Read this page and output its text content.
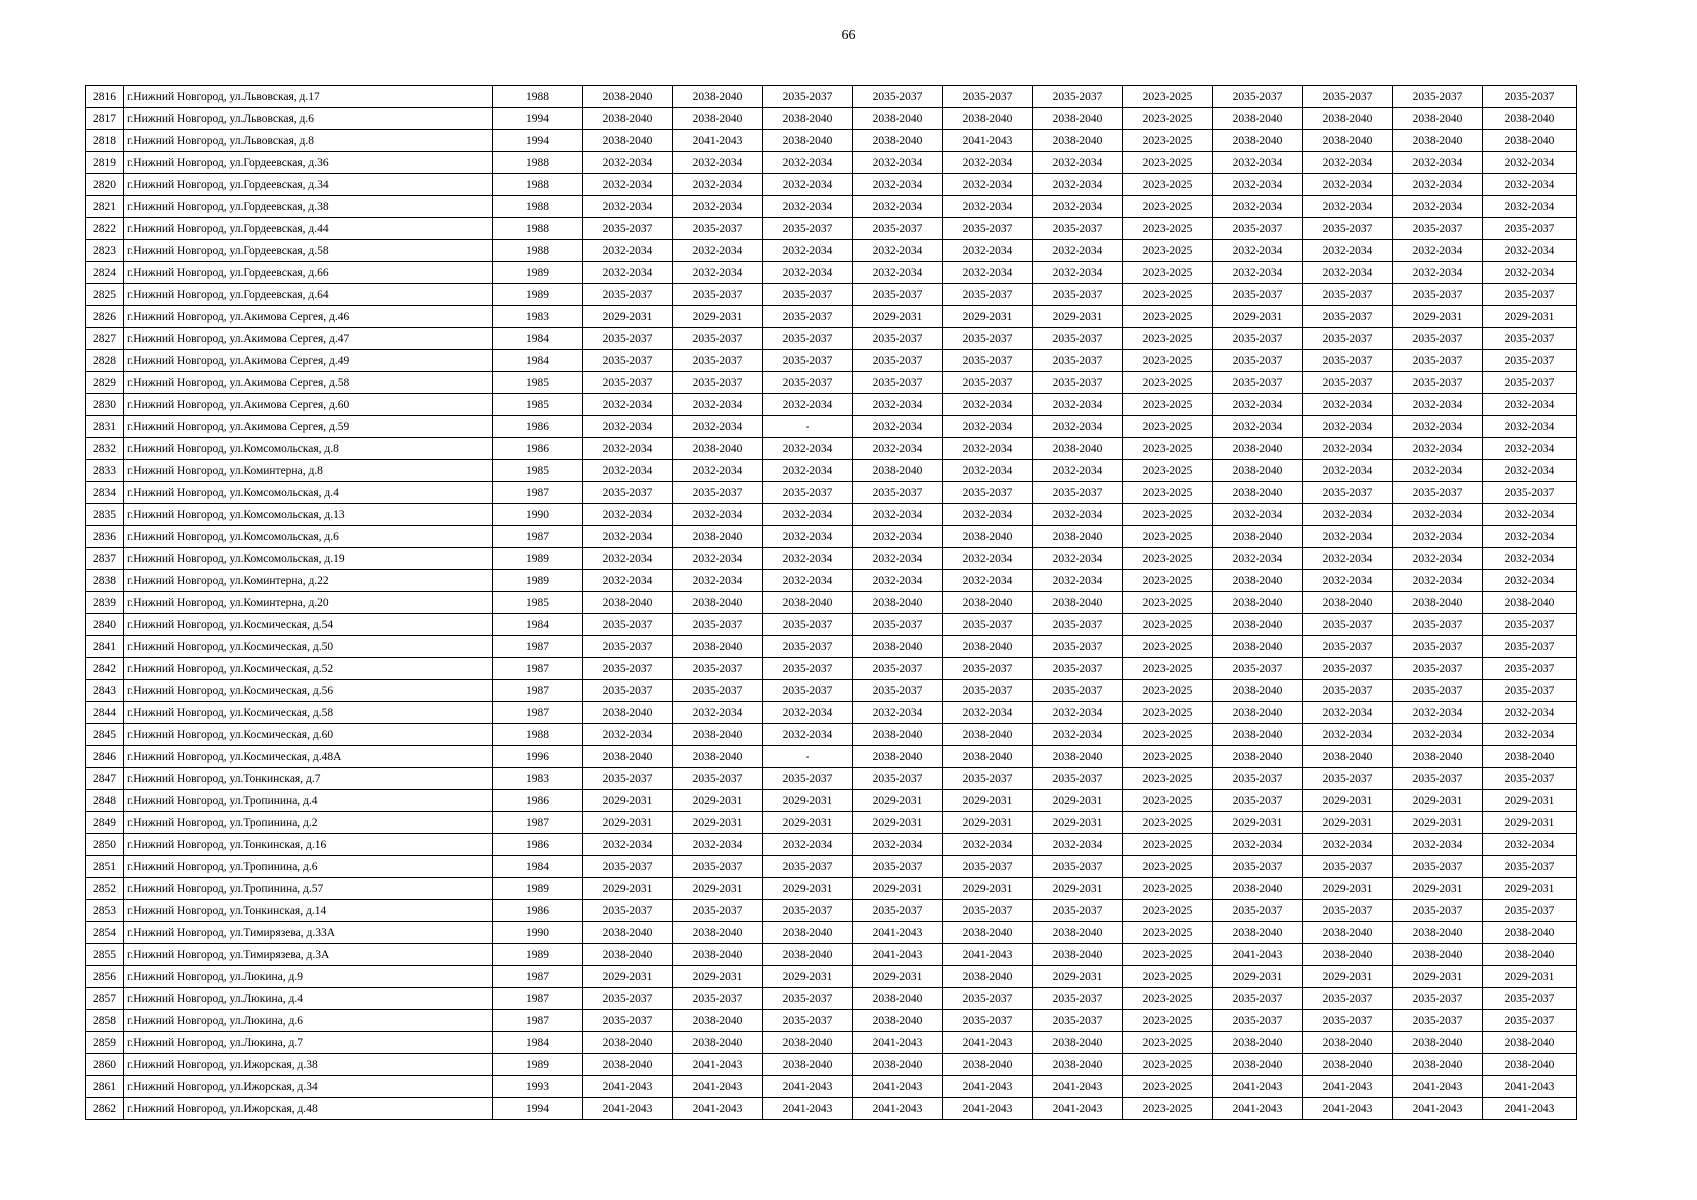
66
2816	г.Нижний Новгород, ул.Львовская, д.17	1988	2038-2040	2038-2040	2035-2037	2035-2037	2035-2037	2035-2037	2023-2025	2035-2037	2035-2037	2035-2037	2035-2037
2817	г.Нижний Новгород, ул.Львовская, д.6	1994	2038-2040	2038-2040	2038-2040	2038-2040	2038-2040	2038-2040	2023-2025	2038-2040	2038-2040	2038-2040	2038-2040
2818	г.Нижний Новгород, ул.Львовская, д.8	1994	2038-2040	2041-2043	2038-2040	2038-2040	2041-2043	2038-2040	2023-2025	2038-2040	2038-2040	2038-2040	2038-2040
2819	г.Нижний Новгород, ул.Гордеевская, д.36	1988	2032-2034	2032-2034	2032-2034	2032-2034	2032-2034	2032-2034	2023-2025	2032-2034	2032-2034	2032-2034	2032-2034
2820	г.Нижний Новгород, ул.Гордеевская, д.34	1988	2032-2034	2032-2034	2032-2034	2032-2034	2032-2034	2032-2034	2023-2025	2032-2034	2032-2034	2032-2034	2032-2034
2821	г.Нижний Новгород, ул.Гордеевская, д.38	1988	2032-2034	2032-2034	2032-2034	2032-2034	2032-2034	2032-2034	2023-2025	2032-2034	2032-2034	2032-2034	2032-2034
2822	г.Нижний Новгород, ул.Гордеевская, д.44	1988	2035-2037	2035-2037	2035-2037	2035-2037	2035-2037	2035-2037	2023-2025	2035-2037	2035-2037	2035-2037	2035-2037
2823	г.Нижний Новгород, ул.Гордеевская, д.58	1988	2032-2034	2032-2034	2032-2034	2032-2034	2032-2034	2032-2034	2023-2025	2032-2034	2032-2034	2032-2034	2032-2034
2824	г.Нижний Новгород, ул.Гордеевская, д.66	1989	2032-2034	2032-2034	2032-2034	2032-2034	2032-2034	2032-2034	2023-2025	2032-2034	2032-2034	2032-2034	2032-2034
2825	г.Нижний Новгород, ул.Гордеевская, д.64	1989	2035-2037	2035-2037	2035-2037	2035-2037	2035-2037	2035-2037	2023-2025	2035-2037	2035-2037	2035-2037	2035-2037
2826	г.Нижний Новгород, ул.Акимова Сергея, д.46	1983	2029-2031	2029-2031	2035-2037	2029-2031	2029-2031	2029-2031	2023-2025	2029-2031	2035-2037	2029-2031	2029-2031
2827	г.Нижний Новгород, ул.Акимова Сергея, д.47	1984	2035-2037	2035-2037	2035-2037	2035-2037	2035-2037	2035-2037	2023-2025	2035-2037	2035-2037	2035-2037	2035-2037
2828	г.Нижний Новгород, ул.Акимова Сергея, д.49	1984	2035-2037	2035-2037	2035-2037	2035-2037	2035-2037	2035-2037	2023-2025	2035-2037	2035-2037	2035-2037	2035-2037
2829	г.Нижний Новгород, ул.Акимова Сергея, д.58	1985	2035-2037	2035-2037	2035-2037	2035-2037	2035-2037	2035-2037	2023-2025	2035-2037	2035-2037	2035-2037	2035-2037
2830	г.Нижний Новгород, ул.Акимова Сергея, д.60	1985	2032-2034	2032-2034	2032-2034	2032-2034	2032-2034	2032-2034	2023-2025	2032-2034	2032-2034	2032-2034	2032-2034
2831	г.Нижний Новгород, ул.Акимова Сергея, д.59	1986	2032-2034	2032-2034	-	2032-2034	2032-2034	2032-2034	2023-2025	2032-2034	2032-2034	2032-2034	2032-2034
2832	г.Нижний Новгород, ул.Комсомольская, д.8	1986	2032-2034	2038-2040	2032-2034	2032-2034	2032-2034	2038-2040	2023-2025	2038-2040	2032-2034	2032-2034	2032-2034
2833	г.Нижний Новгород, ул.Коминтерна, д.8	1985	2032-2034	2032-2034	2032-2034	2038-2040	2032-2034	2032-2034	2023-2025	2038-2040	2032-2034	2032-2034	2032-2034
2834	г.Нижний Новгород, ул.Комсомольская, д.4	1987	2035-2037	2035-2037	2035-2037	2035-2037	2035-2037	2035-2037	2023-2025	2038-2040	2035-2037	2035-2037	2035-2037
2835	г.Нижний Новгород, ул.Комсомольская, д.13	1990	2032-2034	2032-2034	2032-2034	2032-2034	2032-2034	2032-2034	2023-2025	2032-2034	2032-2034	2032-2034	2032-2034
2836	г.Нижний Новгород, ул.Комсомольская, д.6	1987	2032-2034	2038-2040	2032-2034	2032-2034	2038-2040	2038-2040	2023-2025	2038-2040	2032-2034	2032-2034	2032-2034
2837	г.Нижний Новгород, ул.Комсомольская, д.19	1989	2032-2034	2032-2034	2032-2034	2032-2034	2032-2034	2032-2034	2023-2025	2032-2034	2032-2034	2032-2034	2032-2034
2838	г.Нижний Новгород, ул.Коминтерна, д.22	1989	2032-2034	2032-2034	2032-2034	2032-2034	2032-2034	2032-2034	2023-2025	2038-2040	2032-2034	2032-2034	2032-2034
2839	г.Нижний Новгород, ул.Коминтерна, д.20	1985	2038-2040	2038-2040	2038-2040	2038-2040	2038-2040	2038-2040	2023-2025	2038-2040	2038-2040	2038-2040	2038-2040
2840	г.Нижний Новгород, ул.Космическая, д.54	1984	2035-2037	2035-2037	2035-2037	2035-2037	2035-2037	2035-2037	2023-2025	2038-2040	2035-2037	2035-2037	2035-2037
2841	г.Нижний Новгород, ул.Космическая, д.50	1987	2035-2037	2038-2040	2035-2037	2038-2040	2038-2040	2035-2037	2023-2025	2038-2040	2035-2037	2035-2037	2035-2037
2842	г.Нижний Новгород, ул.Космическая, д.52	1987	2035-2037	2035-2037	2035-2037	2035-2037	2035-2037	2035-2037	2023-2025	2035-2037	2035-2037	2035-2037	2035-2037
2843	г.Нижний Новгород, ул.Космическая, д.56	1987	2035-2037	2035-2037	2035-2037	2035-2037	2035-2037	2035-2037	2023-2025	2038-2040	2035-2037	2035-2037	2035-2037
2844	г.Нижний Новгород, ул.Космическая, д.58	1987	2038-2040	2032-2034	2032-2034	2032-2034	2032-2034	2032-2034	2023-2025	2038-2040	2032-2034	2032-2034	2032-2034
2845	г.Нижний Новгород, ул.Космическая, д.60	1988	2032-2034	2038-2040	2032-2034	2038-2040	2038-2040	2032-2034	2023-2025	2038-2040	2032-2034	2032-2034	2032-2034
2846	г.Нижний Новгород, ул.Космическая, д.48А	1996	2038-2040	2038-2040	-	2038-2040	2038-2040	2038-2040	2023-2025	2038-2040	2038-2040	2038-2040	2038-2040
2847	г.Нижний Новгород, ул.Тонкинская, д.7	1983	2035-2037	2035-2037	2035-2037	2035-2037	2035-2037	2035-2037	2023-2025	2035-2037	2035-2037	2035-2037	2035-2037
2848	г.Нижний Новгород, ул.Тропинина, д.4	1986	2029-2031	2029-2031	2029-2031	2029-2031	2029-2031	2029-2031	2023-2025	2035-2037	2029-2031	2029-2031	2029-2031
2849	г.Нижний Новгород, ул.Тропинина, д.2	1987	2029-2031	2029-2031	2029-2031	2029-2031	2029-2031	2029-2031	2023-2025	2029-2031	2029-2031	2029-2031	2029-2031
2850	г.Нижний Новгород, ул.Тонкинская, д.16	1986	2032-2034	2032-2034	2032-2034	2032-2034	2032-2034	2032-2034	2023-2025	2032-2034	2032-2034	2032-2034	2032-2034
2851	г.Нижний Новгород, ул.Тропинина, д.6	1984	2035-2037	2035-2037	2035-2037	2035-2037	2035-2037	2035-2037	2023-2025	2035-2037	2035-2037	2035-2037	2035-2037
2852	г.Нижний Новгород, ул.Тропинина, д.57	1989	2029-2031	2029-2031	2029-2031	2029-2031	2029-2031	2029-2031	2023-2025	2038-2040	2029-2031	2029-2031	2029-2031
2853	г.Нижний Новгород, ул.Тонкинская, д.14	1986	2035-2037	2035-2037	2035-2037	2035-2037	2035-2037	2035-2037	2023-2025	2035-2037	2035-2037	2035-2037	2035-2037
2854	г.Нижний Новгород, ул.Тимирязева, д.33А	1990	2038-2040	2038-2040	2038-2040	2041-2043	2038-2040	2038-2040	2023-2025	2038-2040	2038-2040	2038-2040	2038-2040
2855	г.Нижний Новгород, ул.Тимирязева, д.3А	1989	2038-2040	2038-2040	2038-2040	2041-2043	2041-2043	2038-2040	2023-2025	2041-2043	2038-2040	2038-2040	2038-2040
2856	г.Нижний Новгород, ул.Люкина, д.9	1987	2029-2031	2029-2031	2029-2031	2029-2031	2038-2040	2029-2031	2023-2025	2029-2031	2029-2031	2029-2031	2029-2031
2857	г.Нижний Новгород, ул.Люкина, д.4	1987	2035-2037	2035-2037	2035-2037	2038-2040	2035-2037	2035-2037	2023-2025	2035-2037	2035-2037	2035-2037	2035-2037
2858	г.Нижний Новгород, ул.Люкина, д.6	1987	2035-2037	2038-2040	2035-2037	2038-2040	2035-2037	2035-2037	2023-2025	2035-2037	2035-2037	2035-2037	2035-2037
2859	г.Нижний Новгород, ул.Люкина, д.7	1984	2038-2040	2038-2040	2038-2040	2041-2043	2041-2043	2038-2040	2023-2025	2038-2040	2038-2040	2038-2040	2038-2040
2860	г.Нижний Новгород, ул.Ижорская, д.38	1989	2038-2040	2041-2043	2038-2040	2038-2040	2038-2040	2038-2040	2023-2025	2038-2040	2038-2040	2038-2040	2038-2040
2861	г.Нижний Новгород, ул.Ижорская, д.34	1993	2041-2043	2041-2043	2041-2043	2041-2043	2041-2043	2041-2043	2023-2025	2041-2043	2041-2043	2041-2043	2041-2043
2862	г.Нижний Новгород, ул.Ижорская, д.48	1994	2041-2043	2041-2043	2041-2043	2041-2043	2041-2043	2041-2043	2023-2025	2041-2043	2041-2043	2041-2043	2041-2043
